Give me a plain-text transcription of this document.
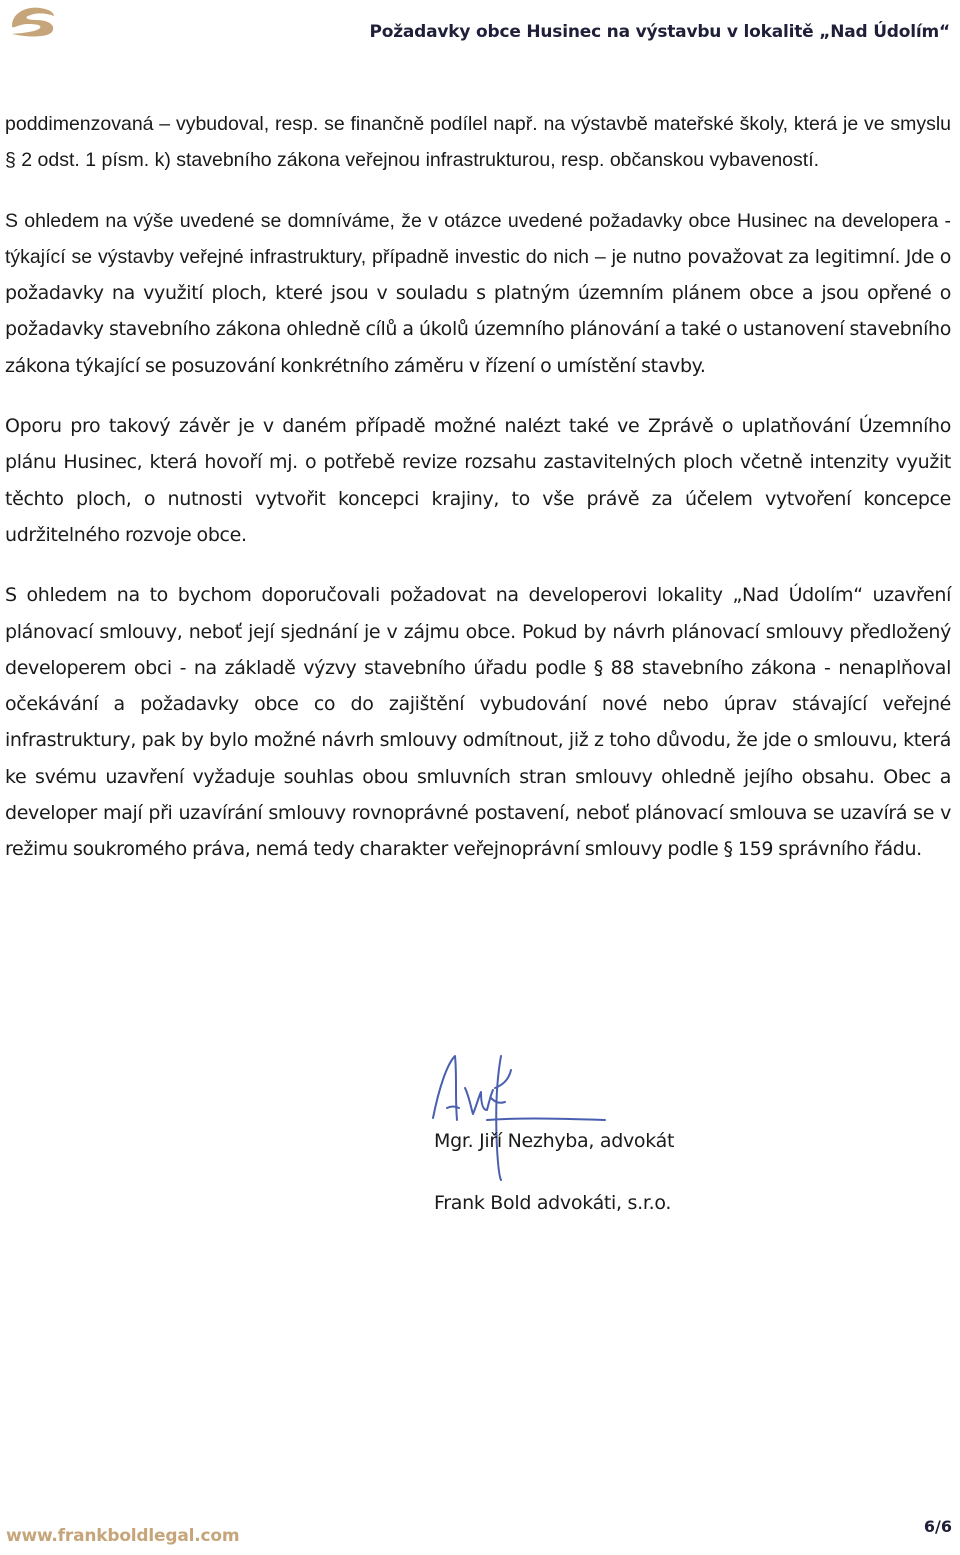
Požadavky obce Husinec na výstavbu v lokalitě „Nad Údolím“

poddimenzovaná – vybudoval, resp. se finančně podílel např. na výstavbě mateřské školy, která je ve smyslu § 2 odst. 1 písm. k) stavebního zákona veřejnou infrastrukturou, resp. občanskou vybaveností.

S ohledem na výše uvedené se domníváme, že v otázce uvedené požadavky obce Husinec na developera - týkající se výstavby veřejné infrastruktury, případně investic do nich – je nutno považovat za legitimní. Jde o požadavky na využití ploch, které jsou v souladu s platným územním plánem obce a jsou opřené o požadavky stavebního zákona ohledně cílů a úkolů územního plánování a také o ustanovení stavebního zákona týkající se posuzování konkrétního záměru v řízení o umístění stavby.

Oporu pro takový závěr je v daném případě možné nalézt také ve Zprávě o uplatňování Územního plánu Husinec, která hovoří mj. o potřebě revize rozsahu zastavitelných ploch včetně intenzity využit těchto ploch, o nutnosti vytvořit koncepci krajiny, to vše právě za účelem vytvoření koncepce udržitelného rozvoje obce.

S ohledem na to bychom doporučovali požadovat na developerovi lokality „Nad Údolím“ uzavření plánovací smlouvy, neboť její sjednání je v zájmu obce. Pokud by návrh plánovací smlouvy předložený developerem obci - na základě výzvy stavebního úřadu podle § 88 stavebního zákona - nenaplňoval očekávání a požadavky obce co do zajištění vybudování nové nebo úprav stávající veřejné infrastruktury, pak by bylo možné návrh smlouvy odmítnout, již z toho důvodu, že jde o smlouvu, která ke svému uzavření vyžaduje souhlas obou smluvních stran smlouvy ohledně jejího obsahu. Obec a developer mají při uzavírání smlouvy rovnoprávné postavení, neboť plánovací smlouva se uzavírá se v režimu soukromého práva, nemá tedy charakter veřejnoprávní smlouvy podle § 159 správního řádu.

Mgr. Jiří Nezhyba, advokát
Frank Bold advokáti, s.r.o.
www.frankboldlegal.com	6/6
